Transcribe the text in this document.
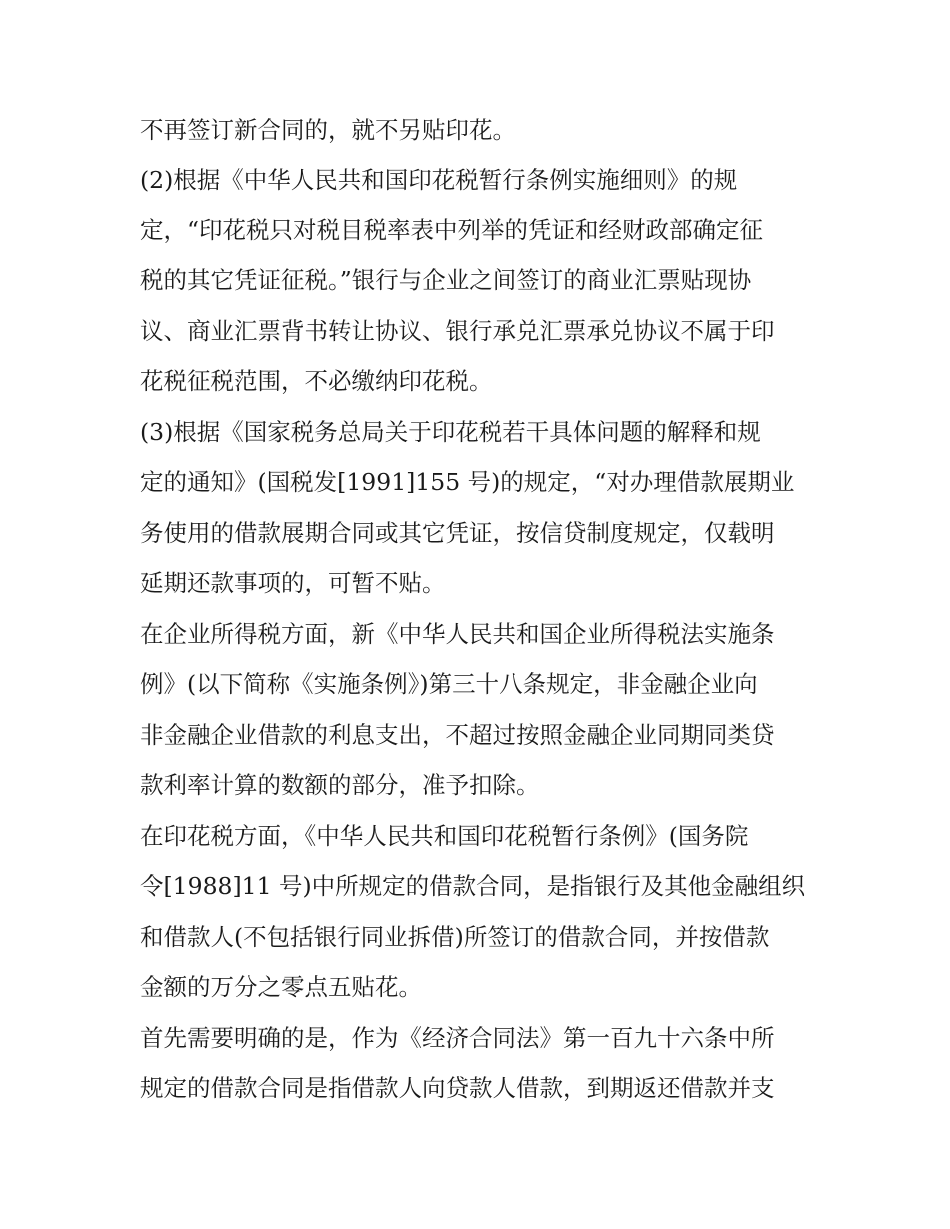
不再签订新合同的，就不另贴印花。
(2)根据《中华人民共和国印花税暂行条例实施细则》的规
定，“印花税只对税目税率表中列举的凭证和经财政部确定征
税的其它凭证征税。”银行与企业之间签订的商业汇票贴现协
议、商业汇票背书转让协议、银行承兑汇票承兑协议不属于印
花税征税范围，不必缴纳印花税。
(3)根据《国家税务总局关于印花税若干具体问题的解释和规
定的通知》(国税发[1991]155 号)的规定，“对办理借款展期业
务使用的借款展期合同或其它凭证，按信贷制度规定，仅载明
延期还款事项的，可暂不贴。
在企业所得税方面，新《中华人民共和国企业所得税法实施条
例》(以下简称《实施条例》)第三十八条规定，非金融企业向
非金融企业借款的利息支出，不超过按照金融企业同期同类贷
款利率计算的数额的部分，准予扣除。
在印花税方面，《中华人民共和国印花税暂行条例》(国务院
令[1988]11 号)中所规定的借款合同，是指银行及其他金融组织
和借款人(不包括银行同业拆借)所签订的借款合同，并按借款
金额的万分之零点五贴花。
首先需要明确的是，作为《经济合同法》第一百九十六条中所
规定的借款合同是指借款人向贷款人借款，到期返还借款并支
